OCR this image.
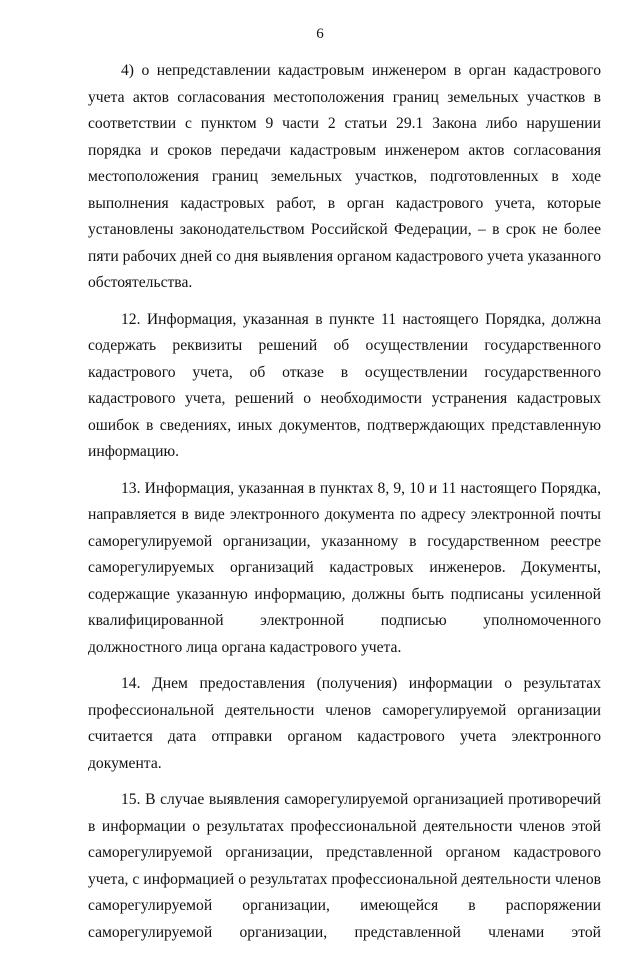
6

4) о непредставлении кадастровым инженером в орган кадастрового учета актов согласования местоположения границ земельных участков в соответствии с пунктом 9 части 2 статьи 29.1 Закона либо нарушении порядка и сроков передачи кадастровым инженером актов согласования местоположения границ земельных участков, подготовленных в ходе выполнения кадастровых работ, в орган кадастрового учета, которые установлены законодательством Российской Федерации, – в срок не более пяти рабочих дней со дня выявления органом кадастрового учета указанного обстоятельства.

12. Информация, указанная в пункте 11 настоящего Порядка, должна содержать реквизиты решений об осуществлении государственного кадастрового учета, об отказе в осуществлении государственного кадастрового учета, решений о необходимости устранения кадастровых ошибок в сведениях, иных документов, подтверждающих представленную информацию.

13. Информация, указанная в пунктах 8, 9, 10 и 11 настоящего Порядка, направляется в виде электронного документа по адресу электронной почты саморегулируемой организации, указанному в государственном реестре саморегулируемых организаций кадастровых инженеров. Документы, содержащие указанную информацию, должны быть подписаны усиленной квалифицированной электронной подписью уполномоченного должностного лица органа кадастрового учета.

14. Днем предоставления (получения) информации о результатах профессиональной деятельности членов саморегулируемой организации считается дата отправки органом кадастрового учета электронного документа.

15. В случае выявления саморегулируемой организацией противоречий в информации о результатах профессиональной деятельности членов этой саморегулируемой организации, представленной органом кадастрового учета, с информацией о результатах профессиональной деятельности членов саморегулируемой организации, имеющейся в распоряжении саморегулируемой организации, представленной членами этой
